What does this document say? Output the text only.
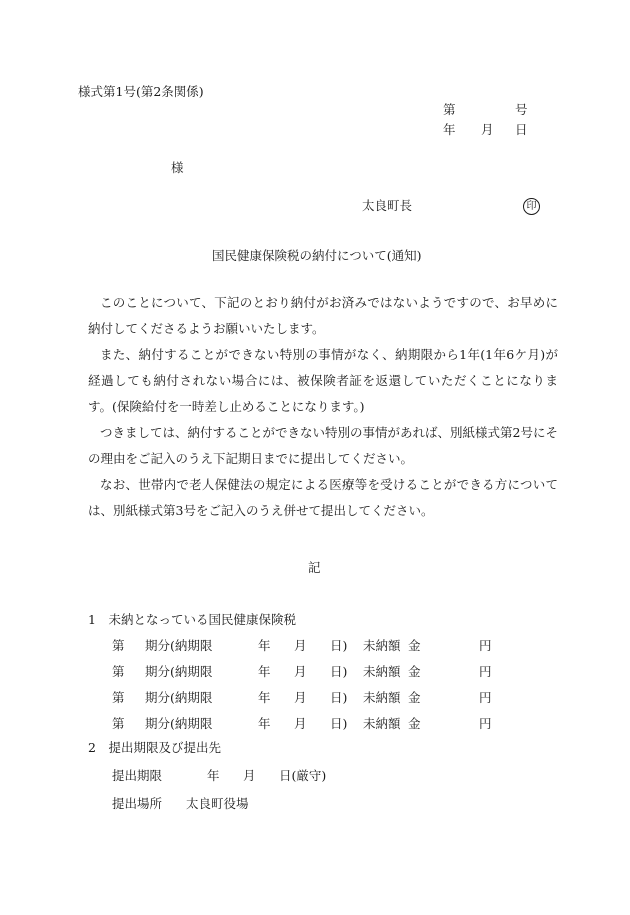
様式第1号(第2条関係)
第	号
年 月 日
様
太良町長	印
国民健康保険税の納付について(通知)
このことについて、下記のとおり納付がお済みではないようですので、お早めに納付してくださるようお願いいたします。
また、納付することができない特別の事情がなく、納期限から1年(1年6ケ月)が経過しても納付されない場合には、被保険者証を返還していただくことになります。(保険給付を一時差し止めることになります。)
つきましては、納付することができない特別の事情があれば、別紙様式第2号にその理由をご記入のうえ下記期日までに提出してください。
なお、世帯内で老人保健法の規定による医療等を受けることができる方については、別紙様式第3号をご記入のうえ併せて提出してください。
記
1　未納となっている国民健康保険税
第 期分(納期限	年 月 日) 未納額 金	円
第 期分(納期限	年 月 日) 未納額 金	円
第 期分(納期限	年 月 日) 未納額 金	円
第 期分(納期限	年 月 日) 未納額 金	円
2　提出期限及び提出先
提出期限	年 月 日(厳守)
提出場所 太良町役場
